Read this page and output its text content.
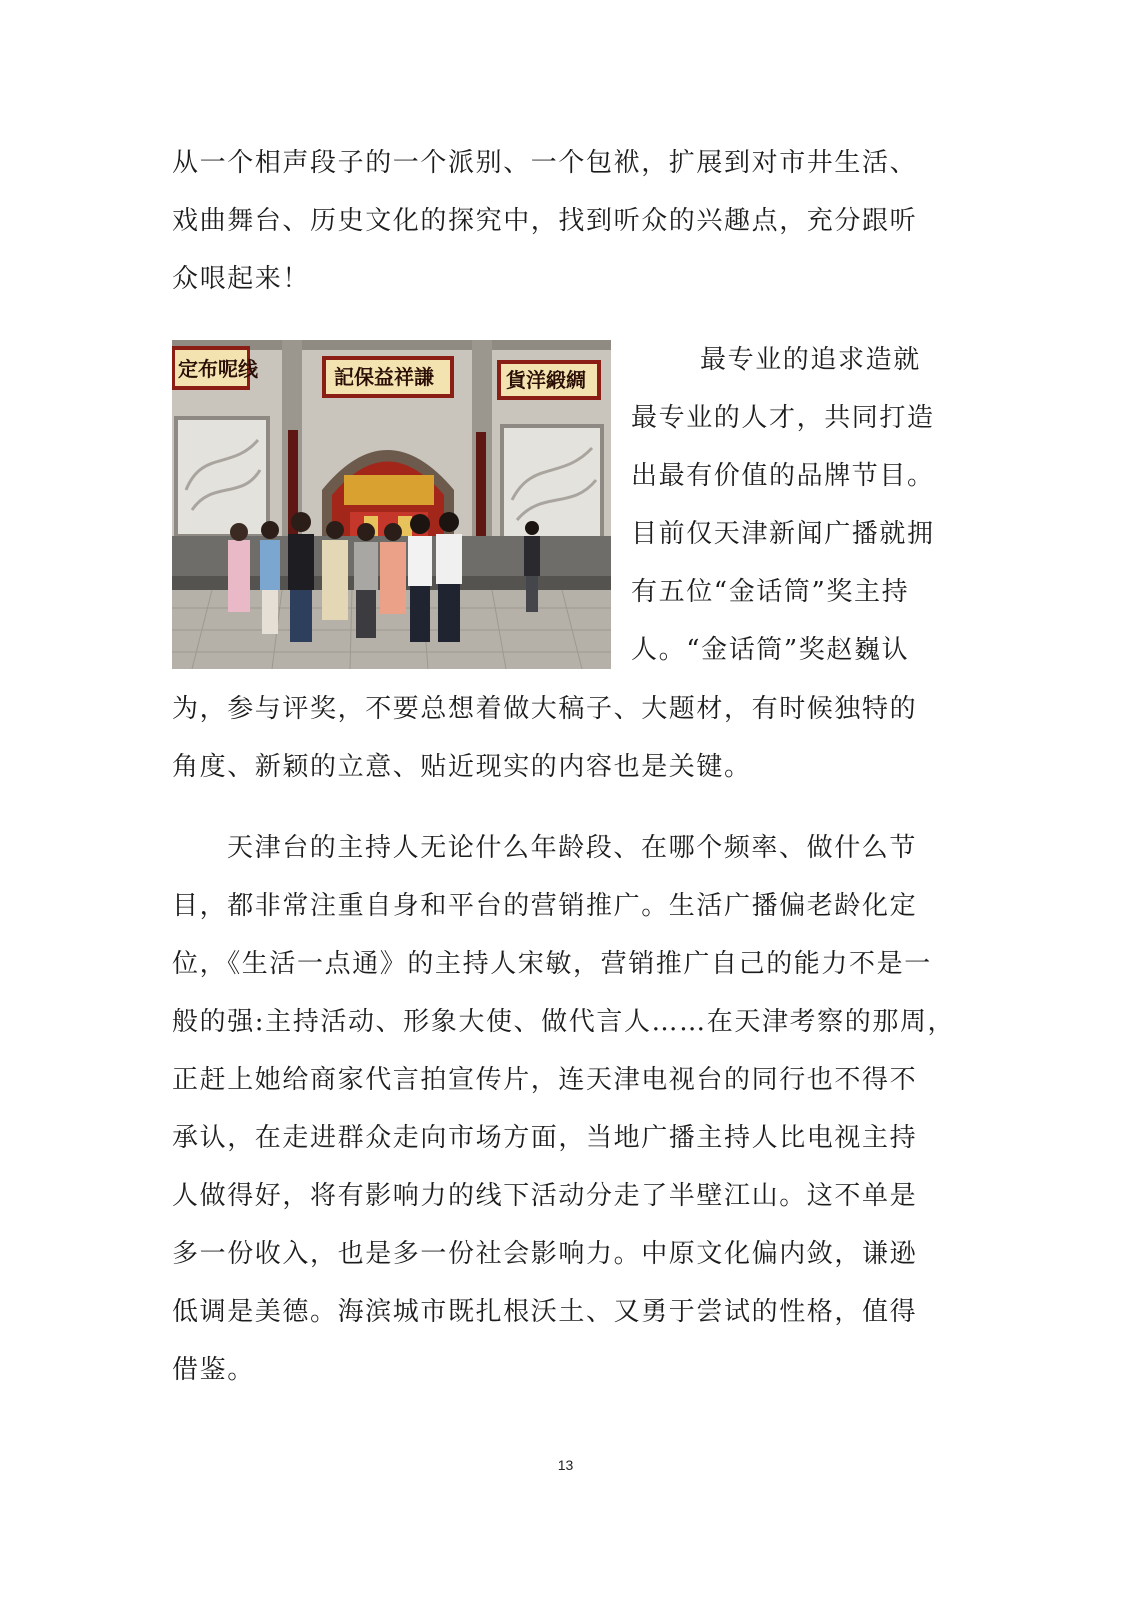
从一个相声段子的一个派别、一个包袱，扩展到对市井生活、
戏曲舞台、历史文化的探究中，找到听众的兴趣点，充分跟听
众哏起来！
定布呢线	記保益祥謙	貨洋緞綢
最专业的追求造就
最专业的人才，共同打造
出最有价值的品牌节目。
目前仅天津新闻广播就拥
有五位“金话筒”奖主持
人。“金话筒”奖赵巍认
为，参与评奖，不要总想着做大稿子、大题材，有时候独特的
角度、新颖的立意、贴近现实的内容也是关键。
天津台的主持人无论什么年龄段、在哪个频率、做什么节
目，都非常注重自身和平台的营销推广。生活广播偏老龄化定
位，《生活一点通》的主持人宋敏，营销推广自己的能力不是一
般的强:主持活动、形象大使、做代言人……在天津考察的那周，
正赶上她给商家代言拍宣传片，连天津电视台的同行也不得不
承认，在走进群众走向市场方面，当地广播主持人比电视主持
人做得好，将有影响力的线下活动分走了半壁江山。这不单是
多一份收入，也是多一份社会影响力。中原文化偏内敛，谦逊
低调是美德。海滨城市既扎根沃土、又勇于尝试的性格，值得
借鉴。
13
